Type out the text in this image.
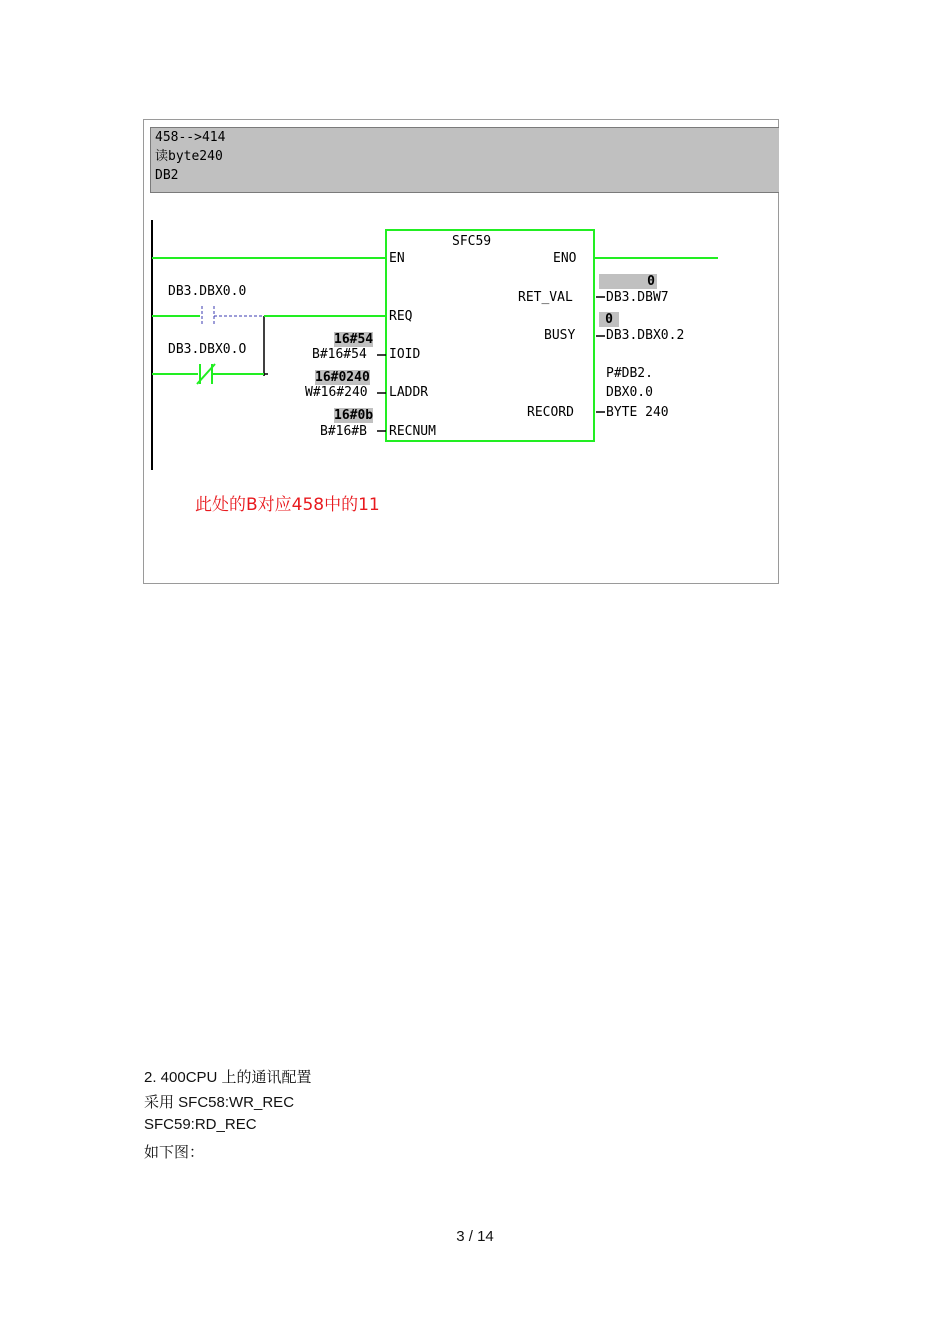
458-->414
读byte240
DB2
SFC59
EN	ENO
REQ
IOID
LADDR
RECNUM
RET_VAL
BUSY
RECORD
DB3.DBX0.0
DB3.DBX0.O
16#54
B#16#54
16#0240
W#16#240
16#0b
B#16#B
0
DB3.DBW7
0
DB3.DBX0.2
P#DB2.
DBX0.0
BYTE 240
此处的B对应458中的11
2. 400CPU 上的通讯配置
采用 SFC58:WR_REC
SFC59:RD_REC
如下图：
3 / 14
